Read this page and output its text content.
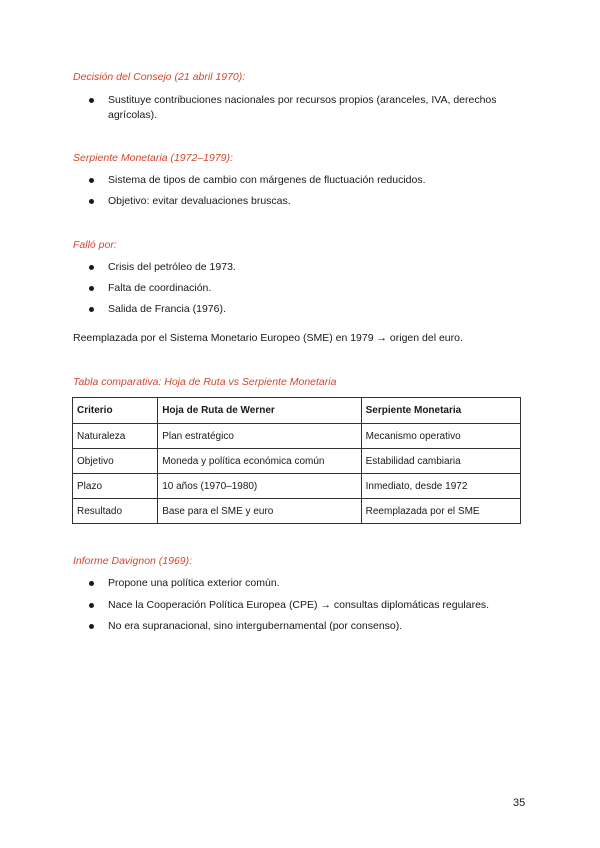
Decisión del Consejo (21 abril 1970):
Sustituye contribuciones nacionales por recursos propios (aranceles, IVA, derechos agrícolas).
Serpiente Monetaria (1972–1979):
Sistema de tipos de cambio con márgenes de fluctuación reducidos.
Objetivo: evitar devaluaciones bruscas.
Falló por:
Crisis del petróleo de 1973.
Falta de coordinación.
Salida de Francia (1976).
Reemplazada por el Sistema Monetario Europeo (SME) en 1979 → origen del euro.
Tabla comparativa: Hoja de Ruta vs Serpiente Monetaria
Criterio	Hoja de Ruta de Werner	Serpiente Monetaria
Naturaleza	Plan estratégico	Mecanismo operativo
Objetivo	Moneda y política económica común	Estabilidad cambiaria
Plazo	10 años (1970–1980)	Inmediato, desde 1972
Resultado	Base para el SME y euro	Reemplazada por el SME
Informe Davignon (1969):
Propone una política exterior común.
Nace la Cooperación Política Europea (CPE) → consultas diplomáticas regulares.
No era supranacional, sino intergubernamental (por consenso).
35
